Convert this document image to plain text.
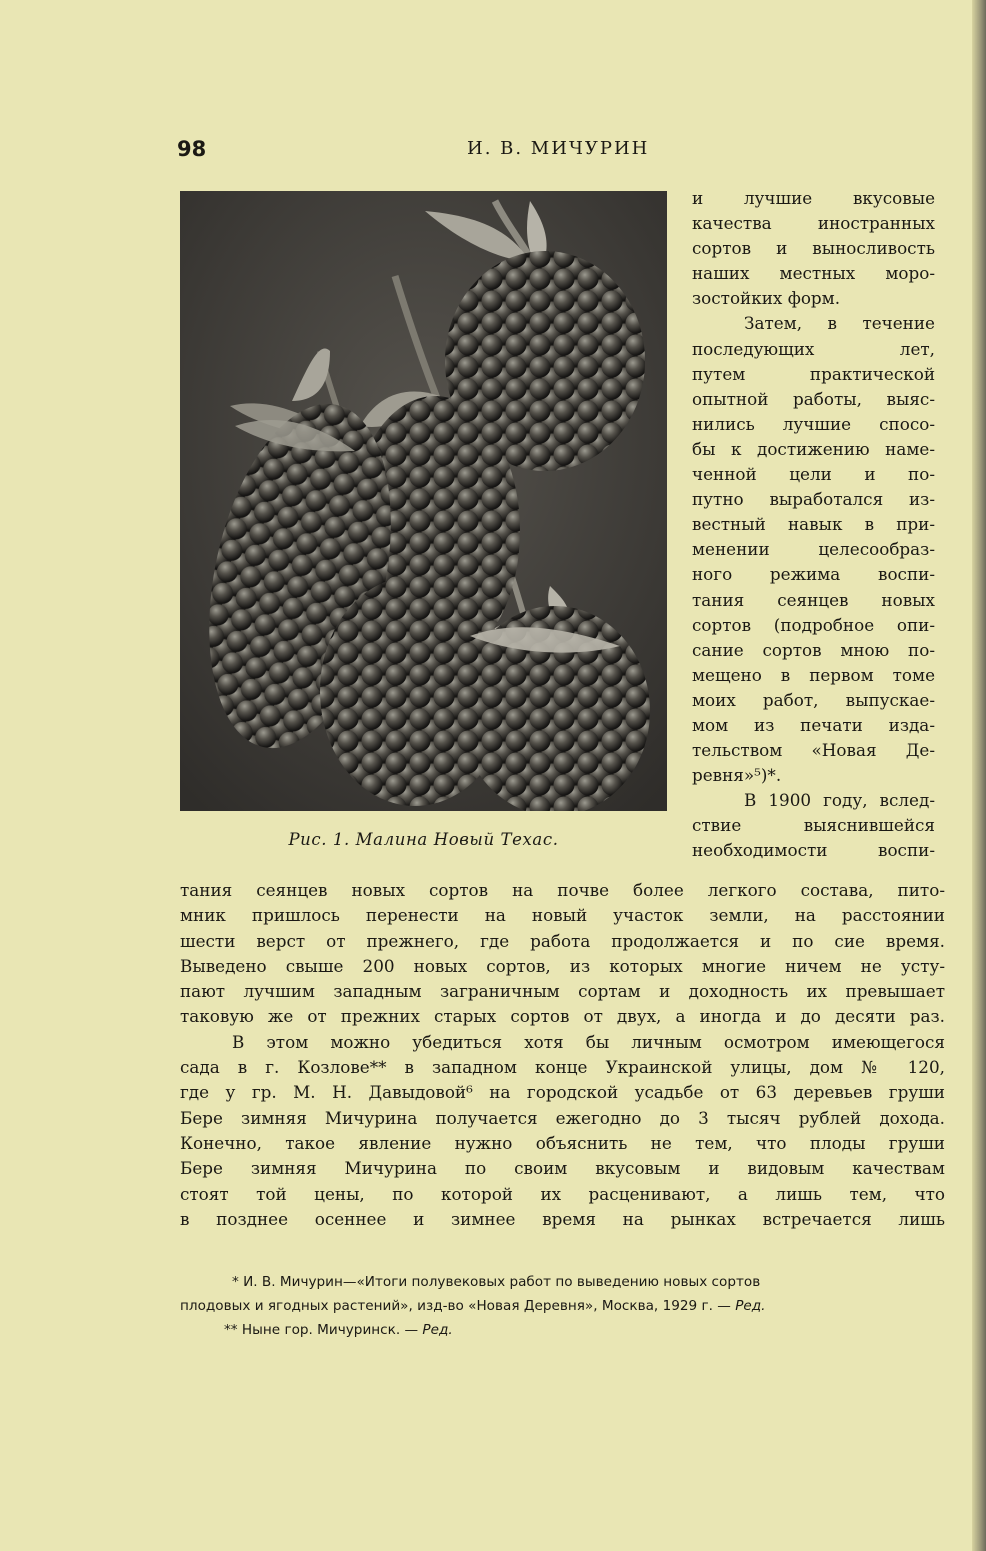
98	И. В. МИЧУРИН
Рис. 1. Малина Новый Техас.
и лучшие вкусовые
качества иностранных
сортов и выносливость
наших местных моро-
зостойких форм.
Затем, в течение
последующих лет,
путем практической
опытной работы, выяс-
нились лучшие спосо-
бы к достижению наме-
ченной цели и по-
путно выработался из-
вестный навык в при-
менении целесообраз-
ного режима воспи-
тания сеянцев новых
сортов (подробное опи-
сание сортов мною по-
мещено в первом томе
моих работ, выпускае-
мом из печати изда-
тельством «Новая Де-
ревня»⁵)*.
В 1900 году, вслед-
ствие выяснившейся
необходимости воспи-
тания сеянцев новых сортов на почве более легкого состава, пито-
мник пришлось перенести на новый участок земли, на расстоянии
шести верст от прежнего, где работа продолжается и по сие время.
Выведено свыше 200 новых сортов, из которых многие ничем не усту-
пают лучшим западным заграничным сортам и доходность их превышает
таковую же от прежних старых сортов от двух, а иногда и до десяти раз.
В этом можно убедиться хотя бы личным осмотром имеющегося
сада в г. Козлове** в западном конце Украинской улицы, дом № 120,
где у гр. М. Н. Давыдовой⁶ на городской усадьбе от 63 деревьев груши
Бере зимняя Мичурина получается ежегодно до 3 тысяч рублей дохода.
Конечно, такое явление нужно объяснить не тем, что плоды груши
Бере зимняя Мичурина по своим вкусовым и видовым качествам
стоят той цены, по которой их расценивают, а лишь тем, что
в позднее осеннее и зимнее время на рынках встречается лишь
* И. В. Мичурин—«Итоги полувековых работ по выведению новых сортов
плодовых и ягодных растений», изд-во «Новая Деревня», Москва, 1929 г. — Ред.
** Ныне гор. Мичуринск. — Ред.
